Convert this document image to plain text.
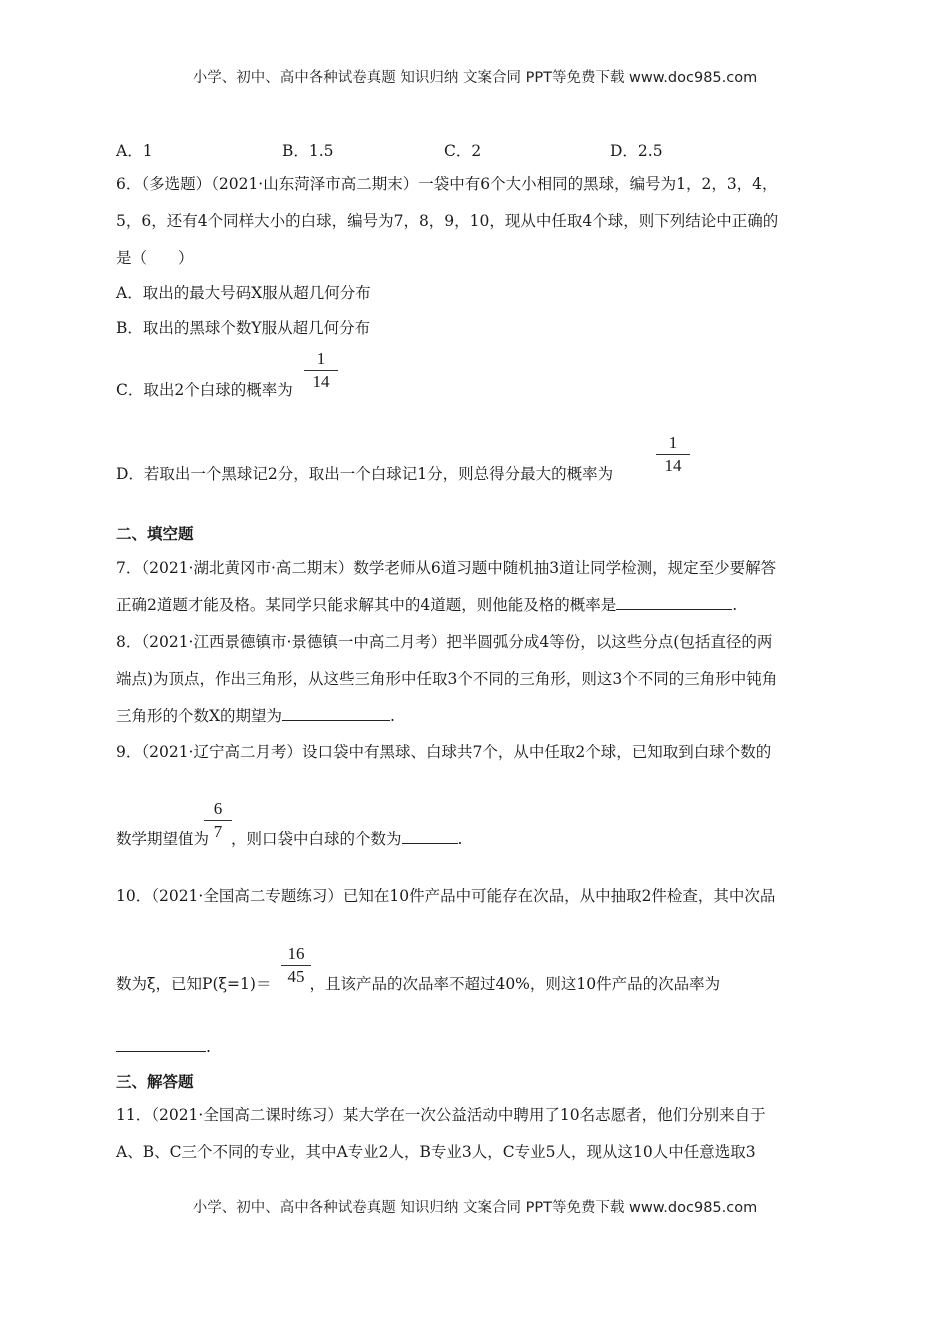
小学、初中、高中各种试卷真题 知识归纳 文案合同 PPT等免费下载 www.doc985.com
A．1	B．1.5	C．2	D．2.5
6．（多选题）（2021·山东菏泽市高二期末）一袋中有6个大小相同的黑球，编号为1，2，3，4，
5，6，还有4个同样大小的白球，编号为7，8，9，10，现从中任取4个球，则下列结论中正确的
是（　　）
A．取出的最大号码X服从超几何分布
B．取出的黑球个数Y服从超几何分布
C．取出2个白球的概率为
1
14
D．若取出一个黑球记2分，取出一个白球记1分，则总得分最大的概率为
1
14
二、填空题
7．（2021·湖北黄冈市·高二期末）数学老师从6道习题中随机抽3道让同学检测，规定至少要解答
正确2道题才能及格。某同学只能求解其中的4道题，则他能及格的概率是	.
8．（2021·江西景德镇市·景德镇一中高二月考）把半圆弧分成4等份，以这些分点(包括直径的两
端点)为顶点，作出三角形，从这些三角形中任取3个不同的三角形，则这3个不同的三角形中钝角
三角形的个数X的期望为	.
9．（2021·辽宁高二月考）设口袋中有黑球、白球共7个，从中任取2个球，已知取到白球个数的
数学期望值为 ，则口袋中白球的个数为	.
6
7
10．（2021·全国高二专题练习）已知在10件产品中可能存在次品，从中抽取2件检查，其中次品
数为ξ，已知P(ξ=1)＝ ，且该产品的次品率不超过40%，则这10件产品的次品率为
16
45
.
三、解答题
11．（2021·全国高二课时练习）某大学在一次公益活动中聘用了10名志愿者，他们分别来自于
A、B、C三个不同的专业，其中A专业2人，B专业3人，C专业5人，现从这10人中任意选取3
小学、初中、高中各种试卷真题 知识归纳 文案合同 PPT等免费下载 www.doc985.com
